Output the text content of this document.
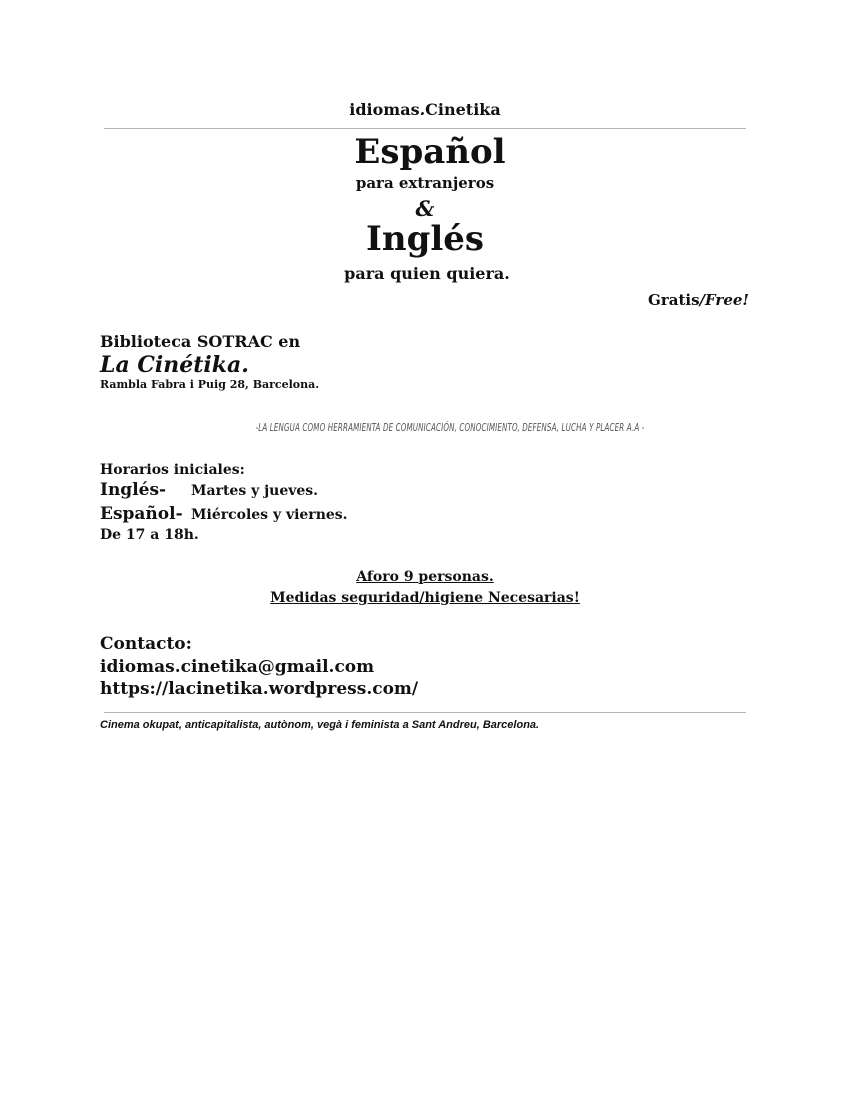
idiomas.Cinetika
Español
para extranjeros
&
Inglés
para quien quiera.
Gratis/Free!
Biblioteca SOTRAC en
La Cinétika.
Rambla Fabra i Puig 28, Barcelona.
-LA LENGUA COMO HERRAMIENTA DE COMUNICACIÓN, CONOCIMIENTO, DEFENSA, LUCHA Y PLACER A.A -
Horarios iniciales:
Inglés- Martes y jueves.
Español- Miércoles y viernes.
De 17 a 18h.
Aforo 9 personas.
Medidas seguridad/higiene Necesarias!
Contacto:
idiomas.cinetika@gmail.com
https://lacinetika.wordpress.com/
Cinema okupat, anticapitalista, autònom, vegà i feminista a Sant Andreu, Barcelona.
